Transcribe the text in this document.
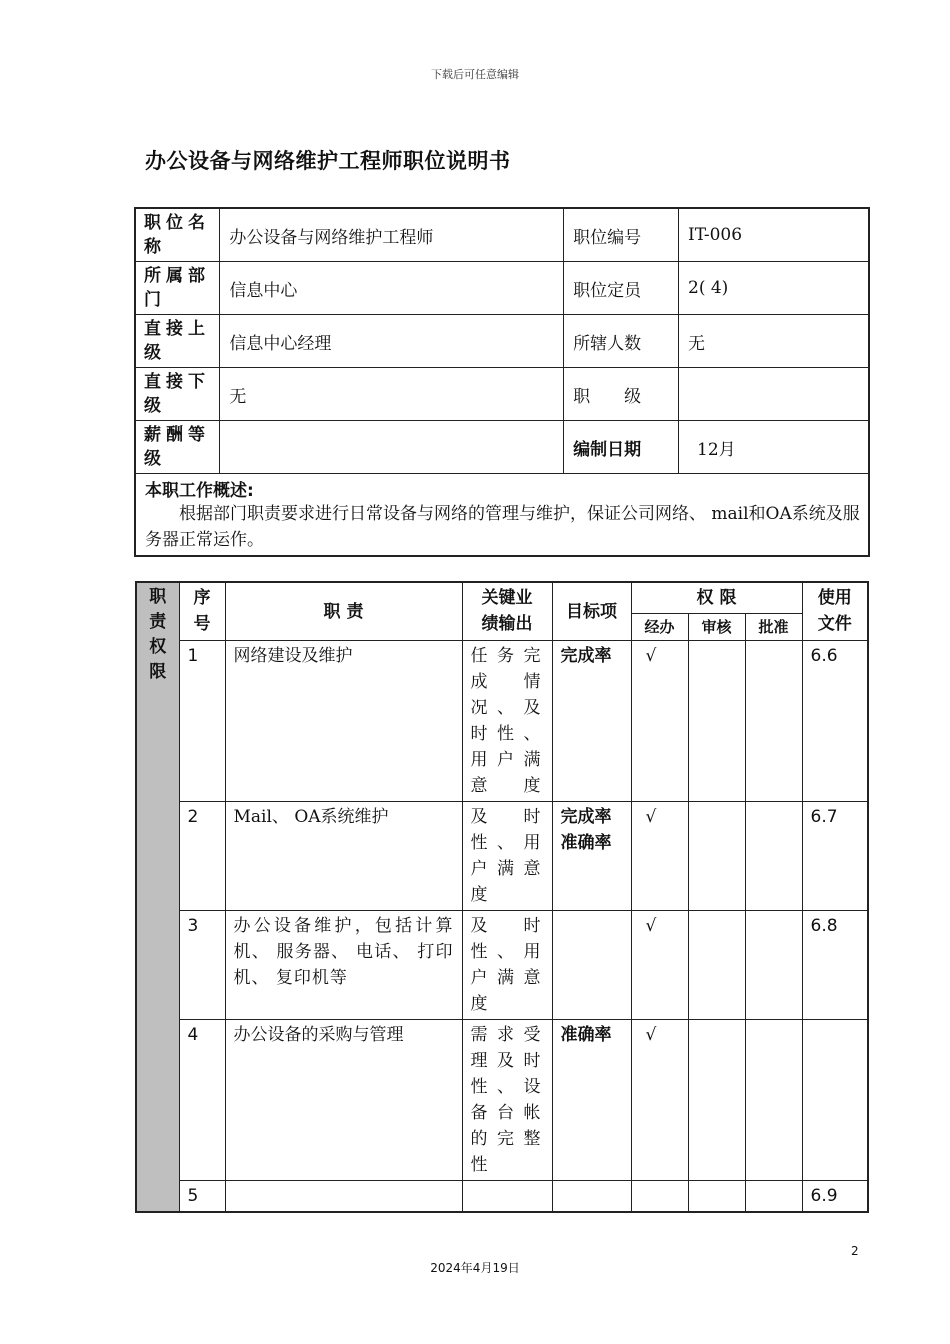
下载后可任意编辑
办公设备与网络维护工程师职位说明书
职位名称	办公设备与网络维护工程师	职位编号	IT-006
所属部门	信息中心	职位定员	2( 4)
直接上级	信息中心经理	所辖人数	无
直接下级	无	职　　级	
薪酬等级		编制日期	12月

本职工作概述:
根据部门职责要求进行日常设备与网络的管理与维护，保证公司网络、 mail和OA系统及服务器正常运作。			
职责权限	序号	职 责	关键业绩输出	目标项	权 限			使用文件

					经办	审核	批准	
	1	网络建设及维护	任务完成情况、及时性、用户满意度	完成率	√			6.6
	2	Mail、 OA系统维护	及时性、用户满意度	完成率
准确率	√			6.7
	3	办公设备维护，包括计算机、 服务器、 电话、 打印机、 复印机等	及时性、用户满意度		√			6.8
	4	办公设备的采购与管理	需求受理及时性、设备台帐的完整性	准确率	√			
	5							6.9
2
2024年4月19日
